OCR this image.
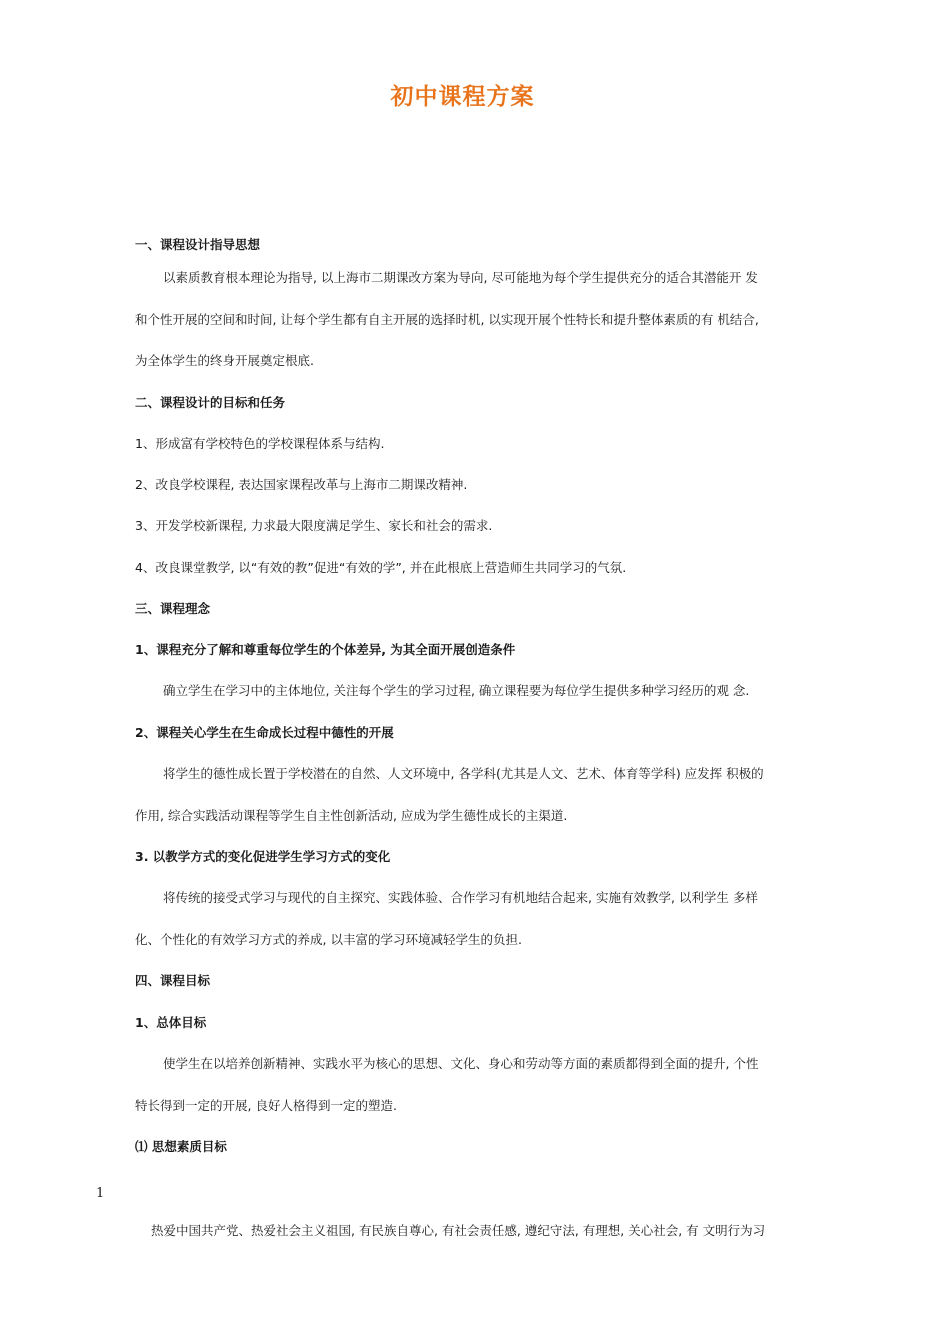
初中课程方案
一、课程设计指导思想
以素质教育根本理论为指导, 以上海市二期课改方案为导向, 尽可能地为每个学生提供充分的适合其潜能开 发
和个性开展的空间和时间, 让每个学生都有自主开展的选择时机, 以实现开展个性特长和提升整体素质的有 机结合,
为全体学生的终身开展奠定根底.
二、课程设计的目标和任务
1、形成富有学校特色的学校课程体系与结构.
2、改良学校课程, 表达国家课程改革与上海市二期课改精神.
3、开发学校新课程, 力求最大限度满足学生、家长和社会的需求.
4、改良课堂教学, 以“有效的教”促进“有效的学”, 并在此根底上营造师生共同学习的气氛.
三、课程理念
1、课程充分了解和尊重每位学生的个体差异, 为其全面开展创造条件
确立学生在学习中的主体地位, 关注每个学生的学习过程, 确立课程要为每位学生提供多种学习经历的观 念.
2、课程关心学生在生命成长过程中德性的开展
将学生的德性成长置于学校潜在的自然、人文环境中, 各学科(尤其是人文、艺术、体育等学科) 应发挥 积极的
作用, 综合实践活动课程等学生自主性创新活动, 应成为学生德性成长的主渠道.
3. 以教学方式的变化促进学生学习方式的变化
将传统的接受式学习与现代的自主探究、实践体验、合作学习有机地结合起来, 实施有效教学, 以利学生 多样
化、个性化的有效学习方式的养成, 以丰富的学习环境减轻学生的负担.
四、课程目标
1、总体目标
使学生在以培养创新精神、实践水平为核心的思想、文化、身心和劳动等方面的素质都得到全面的提升, 个性
特长得到一定的开展, 良好人格得到一定的塑造.
⑴ 思想素质目标
1
热爱中国共产党、热爱社会主义祖国, 有民族自尊心, 有社会责任感, 遵纪守法, 有理想, 关心社会, 有 文明行为习
